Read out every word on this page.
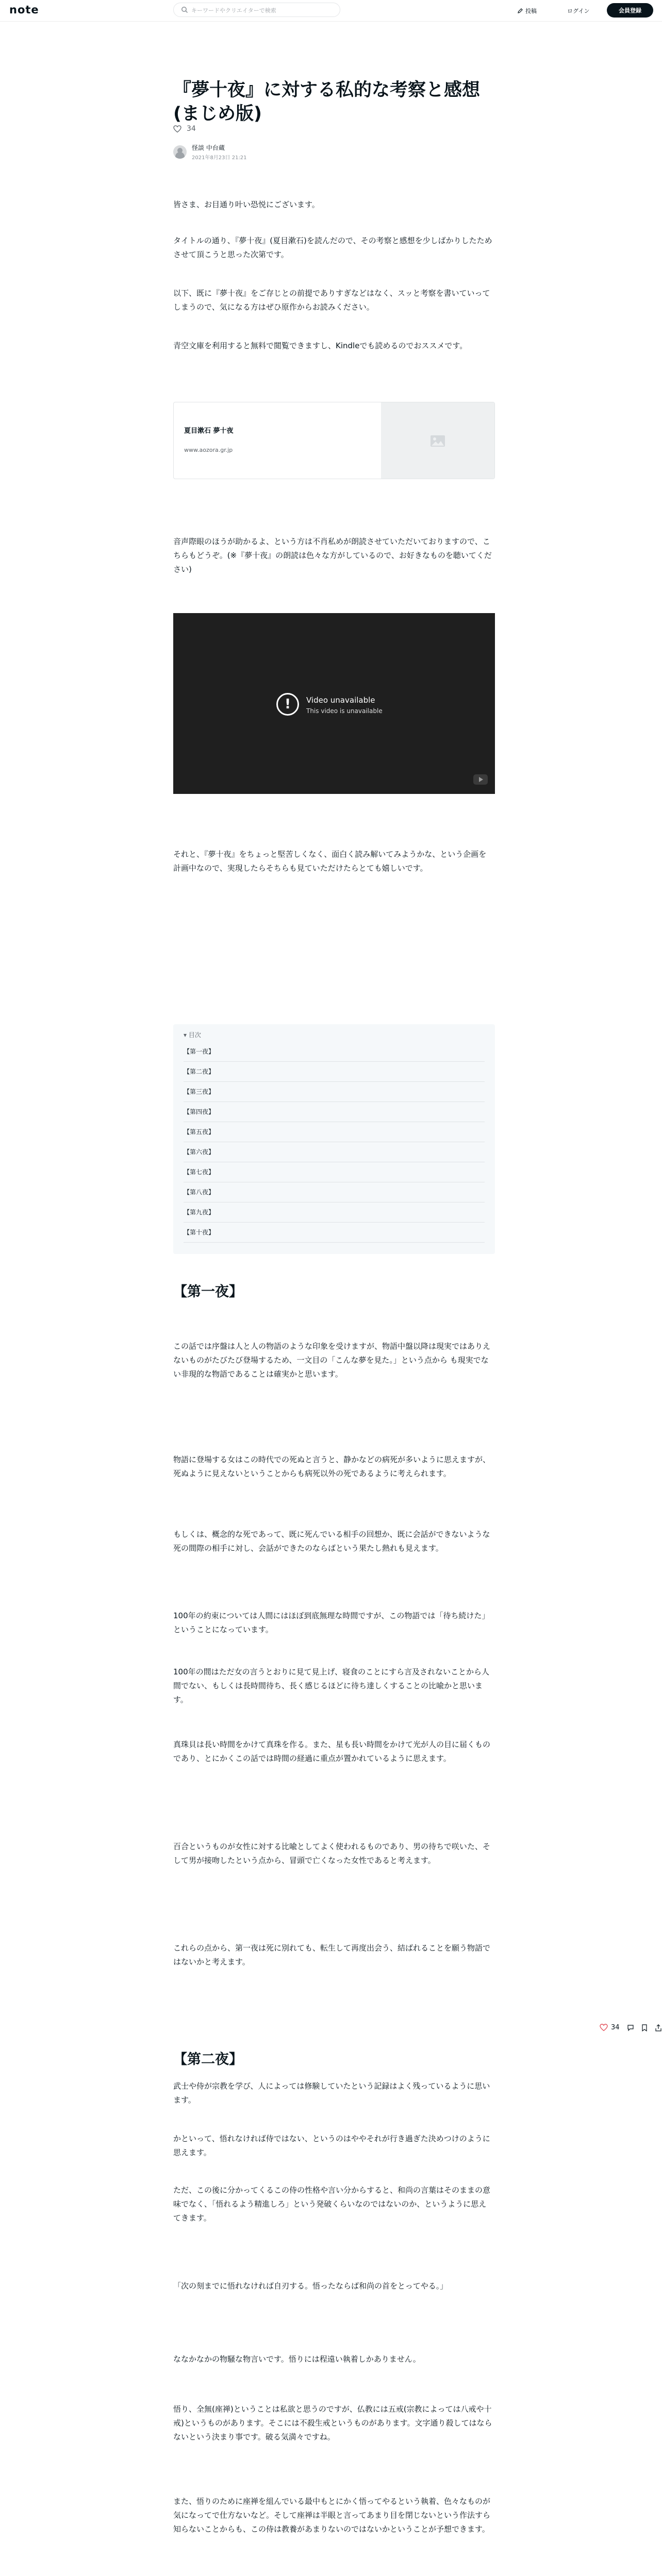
note	キーワードやクリエイターで検索	投稿	ログイン	会員登録
『夢十夜』に対する私的な考察と感想(まじめ版)
34
怪談 中台蔵
2021年8月23日 21:21

皆さま、お目通り叶い恐悦にございます。

タイトルの通り、『夢十夜』(夏目漱石)を読んだので、その考察と感想を少しばかりしたためさせて頂こうと思った次第です。

以下、既に『夢十夜』をご存じとの前提でありすぎなどはなく、スッと考察を書いていってしまうので、気になる方はぜひ原作からお読みください。

青空文庫を利用すると無料で閲覧できますし、Kindleでも読めるのでおススメです。

夏目漱石 夢十夜
www.aozora.gr.jp

音声際眼のほうが助かるよ、という方は不肖私めが朗読させていただいておりますので、こちらもどうぞ。(※『夢十夜』の朗読は色々な方がしているので、お好きなものを聴いてください)

!	Video unavailable
This video is unavailable

それと、『夢十夜』をちょっと堅苦しくなく、面白く読み解いてみようかな、という企画を計画中なので、実現したらそちらも見ていただけたらとても嬉しいです。

▾ 目次
【第一夜】
【第二夜】
【第三夜】
【第四夜】
【第五夜】
【第六夜】
【第七夜】
【第八夜】
【第九夜】
【第十夜】
【第一夜】

この話では序盤は人と人の物語のような印象を受けますが、物語中盤以降は現実ではありえないものがたびたび登場するため、一文目の「こんな夢を見た。」という点から も現実でない非現的な物語であることは確実かと思います。

物語に登場する女はこの時代での死ぬと言うと、静かなどの病死が多いように思えますが、死ぬように見えないということからも病死以外の死であるように考えられます。

もしくは、概念的な死であって、既に死んでいる相手の回想か、既に会話ができないような死の間際の相手に対し、会話ができたのならばという果たし熱れも見えます。

100年の約束については人間にはほぼ到底無理な時間ですが、この物語では「待ち続けた」ということになっています。

100年の間はただ女の言うとおりに見て見上げ、寝食のことにすら言及されないことから人間でない、もしくは長時間待ち、長く感じるほどに待ち達しくすることの比喩かと思います。

真珠貝は長い時間をかけて真珠を作る。また、星も長い時間をかけて光が人の目に届くものであり、とにかくこの話では時間の経過に重点が置かれているように思えます。

百合というものが女性に対する比喩としてよく使われるものであり、男の待ちで咲いた、そして男が接吻したという点から、冒頭で亡くなった女性であると考えます。

これらの点から、第一夜は死に別れても、転生して再度出会う、結ばれることを願う物語ではないかと考えます。

【第二夜】

武士や侍が宗教を学び、人によっては修験していたという記録はよく残っているように思います。

かといって、悟れなければ侍ではない、というのはややそれが行き過ぎた決めつけのように思えます。

ただ、この後に分かってくるこの侍の性格や言い分からすると、和尚の言葉はそのままの意味でなく、「悟れるよう精進しろ」という発破くらいなのではないのか、というように思えてきます。

「次の刻までに悟れなければ自刃する。悟ったならば和尚の首をとってやる。」

ななかなかの物騒な物言いです。悟りには程遠い執着しかありません。

悟り、全無(座禅)ということは私欲と思うのですが、仏教には五戒(宗教によっては八戒や十戒)というものがあります。そこには不殺生戒というものがあります。文字通り殺してはならないという決まり事です。破る気満々ですね。

また、悟りのために座禅を組んでいる最中もとにかく悟ってやるという執着、色々なものが気になってで仕方ないなど。そして座禅は半眼と言ってあまり目を閉じないという作法すら知らないことからも、この侍は教養があまりないのではないかということが予想できます。

34
